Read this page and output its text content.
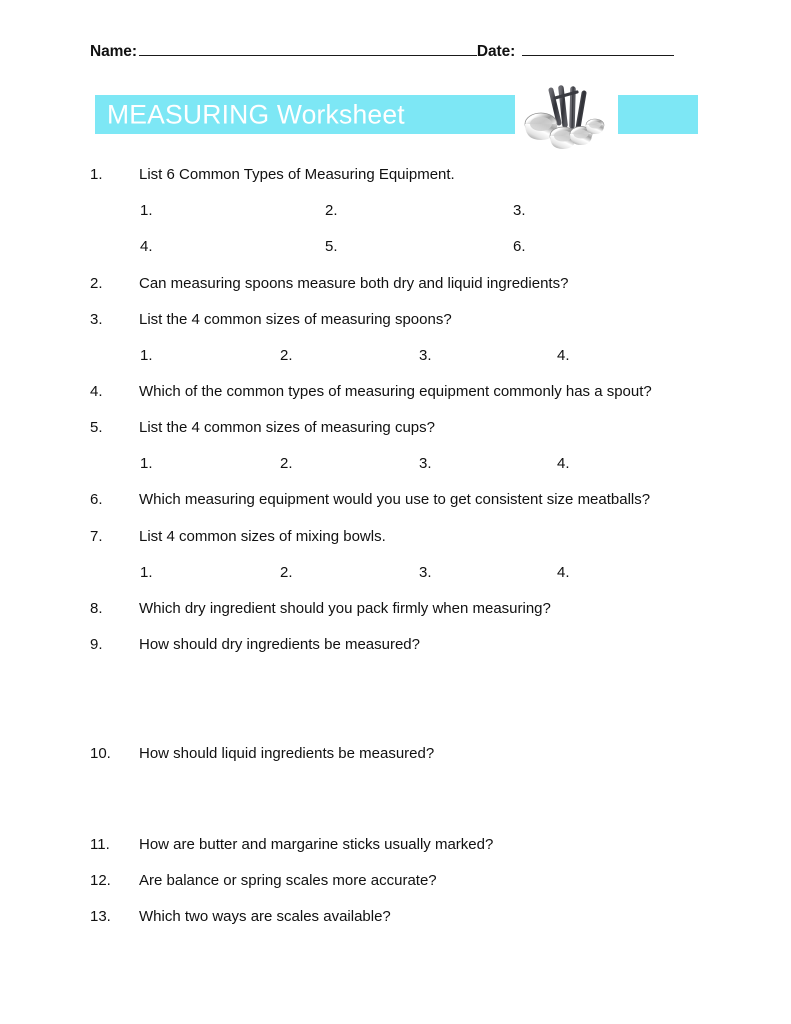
Name:	Date:
MEASURING Worksheet
1.	List 6 Common Types of Measuring Equipment.
1.	2.	3.
4.	5.	6.
2.	Can measuring spoons measure both dry and liquid ingredients?
3.	List the 4 common sizes of measuring spoons?
1.	2.	3.	4.
4.	Which of the common types of measuring equipment commonly has a spout?
5.	List the 4 common sizes of measuring cups?
1.	2.	3.	4.
6.	Which measuring equipment would you use to get consistent size meatballs?
7.	List 4 common sizes of mixing bowls.
1.	2.	3.	4.
8.	Which dry ingredient should you pack firmly when measuring?
9.	How should dry ingredients be measured?
10.	How should liquid ingredients be measured?
11.	How are butter and margarine sticks usually marked?
12.	Are balance or spring scales more accurate?
13.	Which two ways are scales available?
